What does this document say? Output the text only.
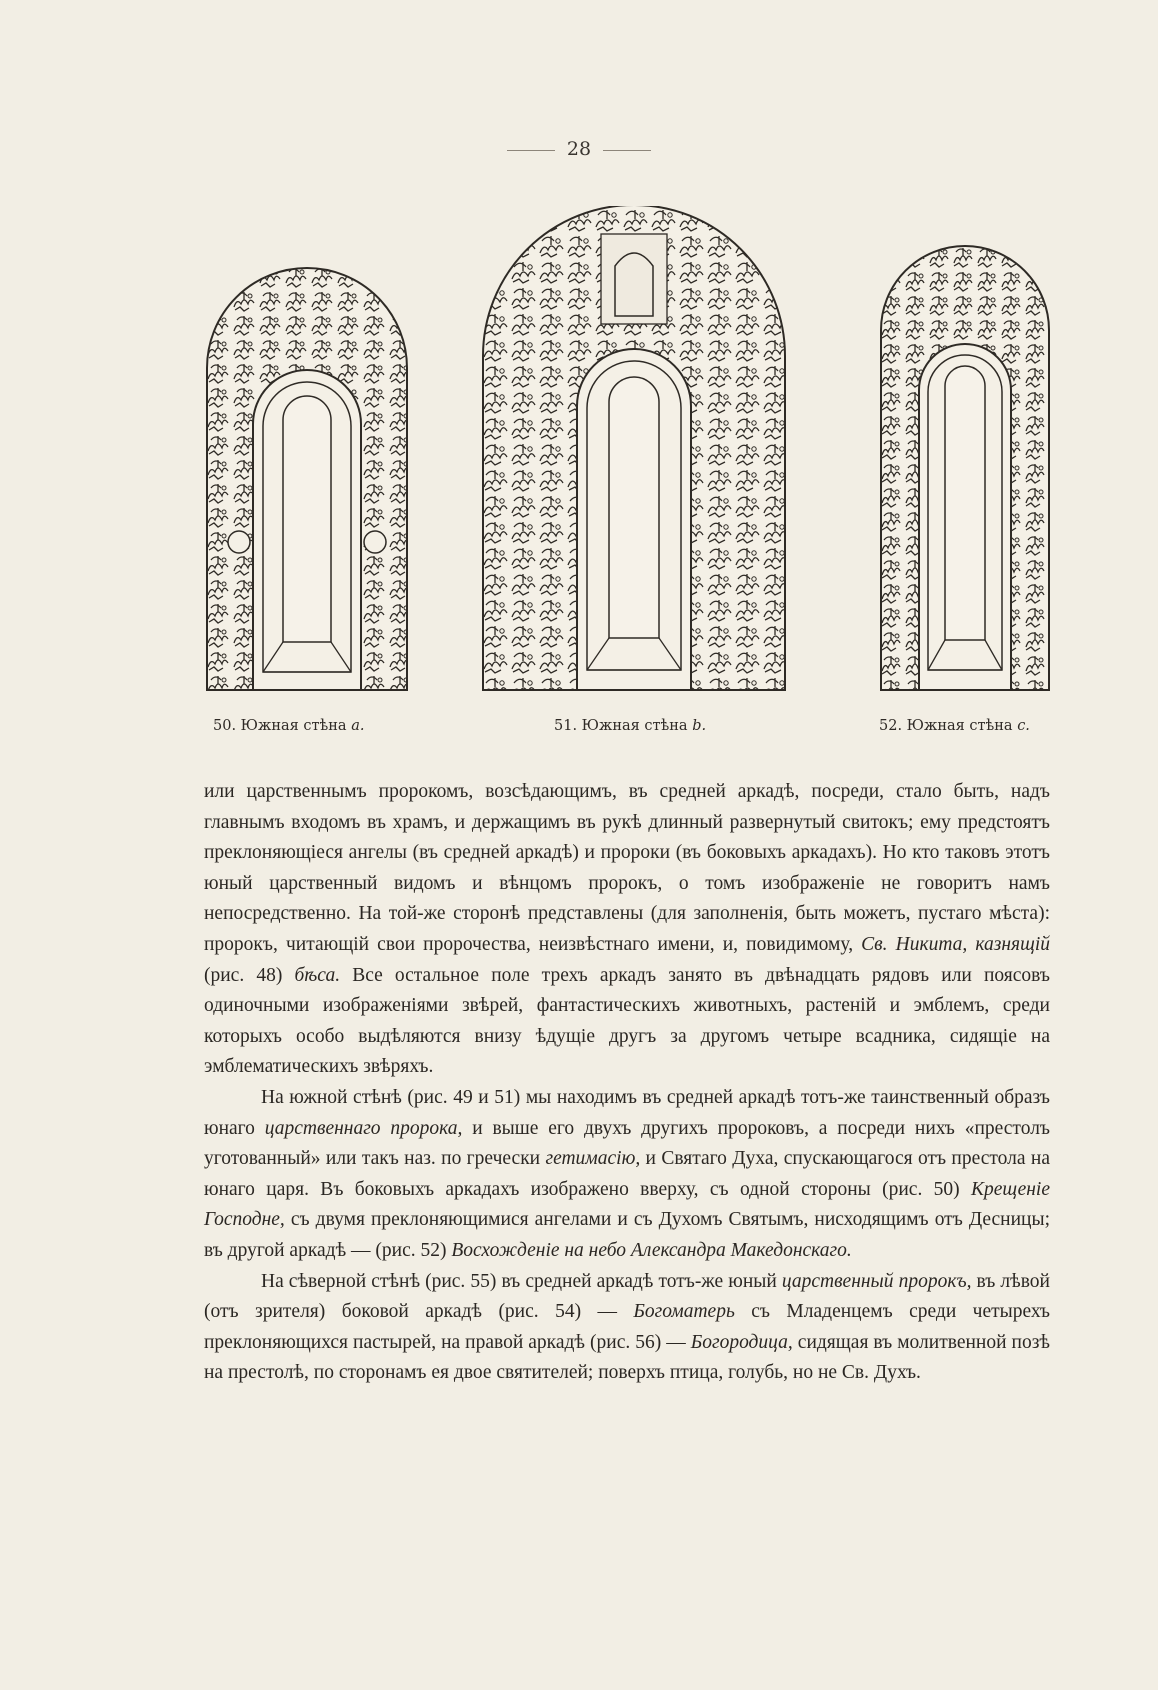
28
50. Южная стѣна a.	51. Южная стѣна b.	52. Южная стѣна c.

или царственнымъ пророкомъ, возсѣдающимъ, въ средней аркадѣ, посреди, стало быть, надъ главнымъ входомъ въ храмъ, и держащимъ въ рукѣ длинный развернутый свитокъ; ему предстоятъ преклоняющіеся ангелы (въ средней аркадѣ) и пророки (въ боковыхъ аркадахъ). Но кто таковъ этотъ юный царственный видомъ и вѣнцомъ пророкъ, о томъ изображеніе не говоритъ намъ непосредственно. На той-же сторонѣ представлены (для заполненія, быть можетъ, пустаго мѣста): пророкъ, читающій свои пророчества, неизвѣстнаго имени, и, повидимому, Св. Никита, казнящій (рис. 48) бѣса. Все остальное поле трехъ аркадъ занято въ двѣнадцать рядовъ или поясовъ одиночными изображеніями звѣрей, фантастическихъ животныхъ, растеній и эмблемъ, среди которыхъ особо выдѣляются внизу ѣдущіе другъ за другомъ четыре всадника, сидящіе на эмблематическихъ звѣряхъ.

На южной стѣнѣ (рис. 49 и 51) мы находимъ въ средней аркадѣ тотъ-же таинственный образъ юнаго царственнаго пророка, и выше его двухъ другихъ пророковъ, а посреди нихъ «престолъ уготованный» или такъ наз. по гречески гетимасію, и Святаго Духа, спускающагося отъ престола на юнаго царя. Въ боковыхъ аркадахъ изображено вверху, съ одной стороны (рис. 50) Крещеніе Господне, съ двумя преклоняющимися ангелами и съ Духомъ Святымъ, нисходящимъ отъ Десницы; въ другой аркадѣ — (рис. 52) Восхожденіе на небо Александра Македонскаго.

На сѣверной стѣнѣ (рис. 55) въ средней аркадѣ тотъ-же юный царственный пророкъ, въ лѣвой (отъ зрителя) боковой аркадѣ (рис. 54) — Богоматерь съ Младенцемъ среди четырехъ преклоняющихся пастырей, на правой аркадѣ (рис. 56) — Богородица, сидящая въ молитвенной позѣ на престолѣ, по сторонамъ ея двое святителей; поверхъ птица, голубь, но не Св. Духъ.
